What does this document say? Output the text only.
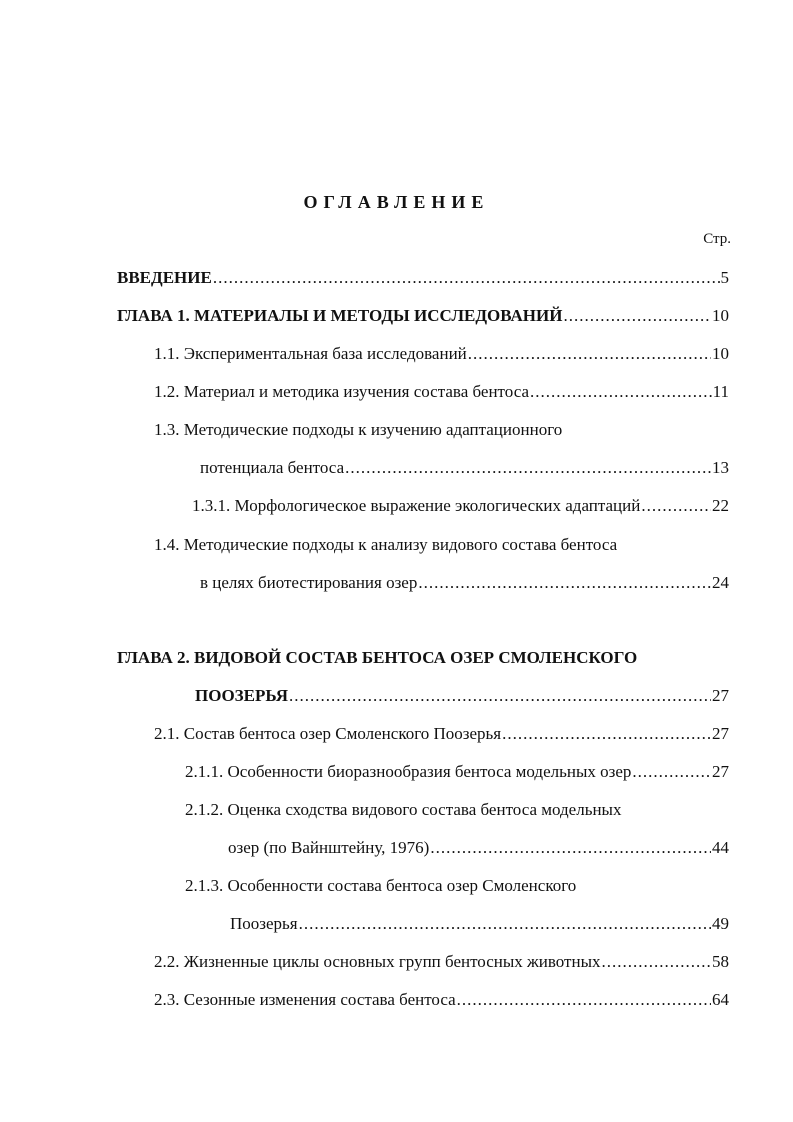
ОГЛАВЛЕНИЕ
Стр.
ВВЕДЕНИЕ .....	5
ГЛАВА 1. МАТЕРИАЛЫ И МЕТОДЫ ИССЛЕДОВАНИЙ .....	10
1.1. Экспериментальная база исследований .....	10
1.2. Материал и методика изучения состава бентоса .....	11
1.3. Методические подходы к изучению адаптационного
потенциала бентоса .....	13
1.3.1. Морфологическое выражение экологических адаптаций .....	22
1.4. Методические подходы к анализу видового состава бентоса
в целях биотестирования озер .....	24
ГЛАВА 2. ВИДОВОЙ СОСТАВ БЕНТОСА ОЗЕР СМОЛЕНСКОГО
ПООЗЕРЬЯ .....	27
2.1. Состав бентоса озер Смоленского Поозерья .....	27
2.1.1. Особенности биоразнообразия бентоса модельных озер .....	27
2.1.2. Оценка сходства видового состава бентоса модельных
озер (по Вайнштейну, 1976) .....	44
2.1.3. Особенности состава бентоса озер Смоленского
Поозерья .....	49
2.2. Жизненные циклы основных групп бентосных животных .....	58
2.3. Сезонные изменения состава бентоса .....	64
